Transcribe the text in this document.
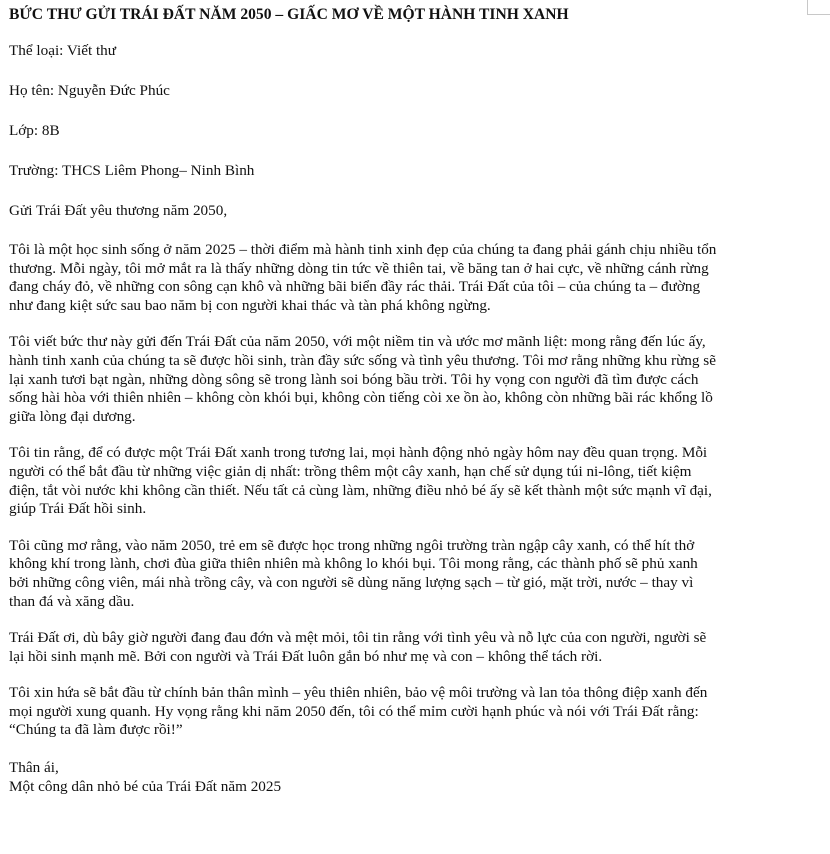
BỨC THƯ GỬI TRÁI ĐẤT NĂM 2050 – GIẤC MƠ VỀ MỘT HÀNH TINH XANH
Thể loại: Viết thư
Họ tên: Nguyễn Đức Phúc
Lớp: 8B
Trường: THCS Liêm Phong– Ninh Bình
Gửi Trái Đất yêu thương năm 2050,
Tôi là một học sinh sống ở năm 2025 – thời điểm mà hành tinh xinh đẹp của chúng ta đang phải gánh chịu nhiều tổn
thương. Mỗi ngày, tôi mở mắt ra là thấy những dòng tin tức về thiên tai, về băng tan ở hai cực, về những cánh rừng
đang cháy đỏ, về những con sông cạn khô và những bãi biển đầy rác thải. Trái Đất của tôi – của chúng ta – đường
như đang kiệt sức sau bao năm bị con người khai thác và tàn phá không ngừng.
Tôi viết bức thư này gửi đến Trái Đất của năm 2050, với một niềm tin và ước mơ mãnh liệt: mong rằng đến lúc ấy,
hành tinh xanh của chúng ta sẽ được hồi sinh, tràn đầy sức sống và tình yêu thương. Tôi mơ rằng những khu rừng sẽ
lại xanh tươi bạt ngàn, những dòng sông sẽ trong lành soi bóng bầu trời. Tôi hy vọng con người đã tìm được cách
sống hài hòa với thiên nhiên – không còn khói bụi, không còn tiếng còi xe ồn ào, không còn những bãi rác khổng lồ
giữa lòng đại dương.
Tôi tin rằng, để có được một Trái Đất xanh trong tương lai, mọi hành động nhỏ ngày hôm nay đều quan trọng. Mỗi
người có thể bắt đầu từ những việc giản dị nhất: trồng thêm một cây xanh, hạn chế sử dụng túi ni-lông, tiết kiệm
điện, tắt vòi nước khi không cần thiết. Nếu tất cả cùng làm, những điều nhỏ bé ấy sẽ kết thành một sức mạnh vĩ đại,
giúp Trái Đất hồi sinh.
Tôi cũng mơ rằng, vào năm 2050, trẻ em sẽ được học trong những ngôi trường tràn ngập cây xanh, có thể hít thở
không khí trong lành, chơi đùa giữa thiên nhiên mà không lo khói bụi. Tôi mong rằng, các thành phố sẽ phủ xanh
bởi những công viên, mái nhà trồng cây, và con người sẽ dùng năng lượng sạch – từ gió, mặt trời, nước – thay vì
than đá và xăng dầu.
Trái Đất ơi, dù bây giờ người đang đau đớn và mệt mỏi, tôi tin rằng với tình yêu và nỗ lực của con người, người sẽ
lại hồi sinh mạnh mẽ. Bởi con người và Trái Đất luôn gắn bó như mẹ và con – không thể tách rời.
Tôi xin hứa sẽ bắt đầu từ chính bản thân mình – yêu thiên nhiên, bảo vệ môi trường và lan tỏa thông điệp xanh đến
mọi người xung quanh. Hy vọng rằng khi năm 2050 đến, tôi có thể mỉm cười hạnh phúc và nói với Trái Đất rằng:
“Chúng ta đã làm được rồi!”
Thân ái,
Một công dân nhỏ bé của Trái Đất năm 2025
